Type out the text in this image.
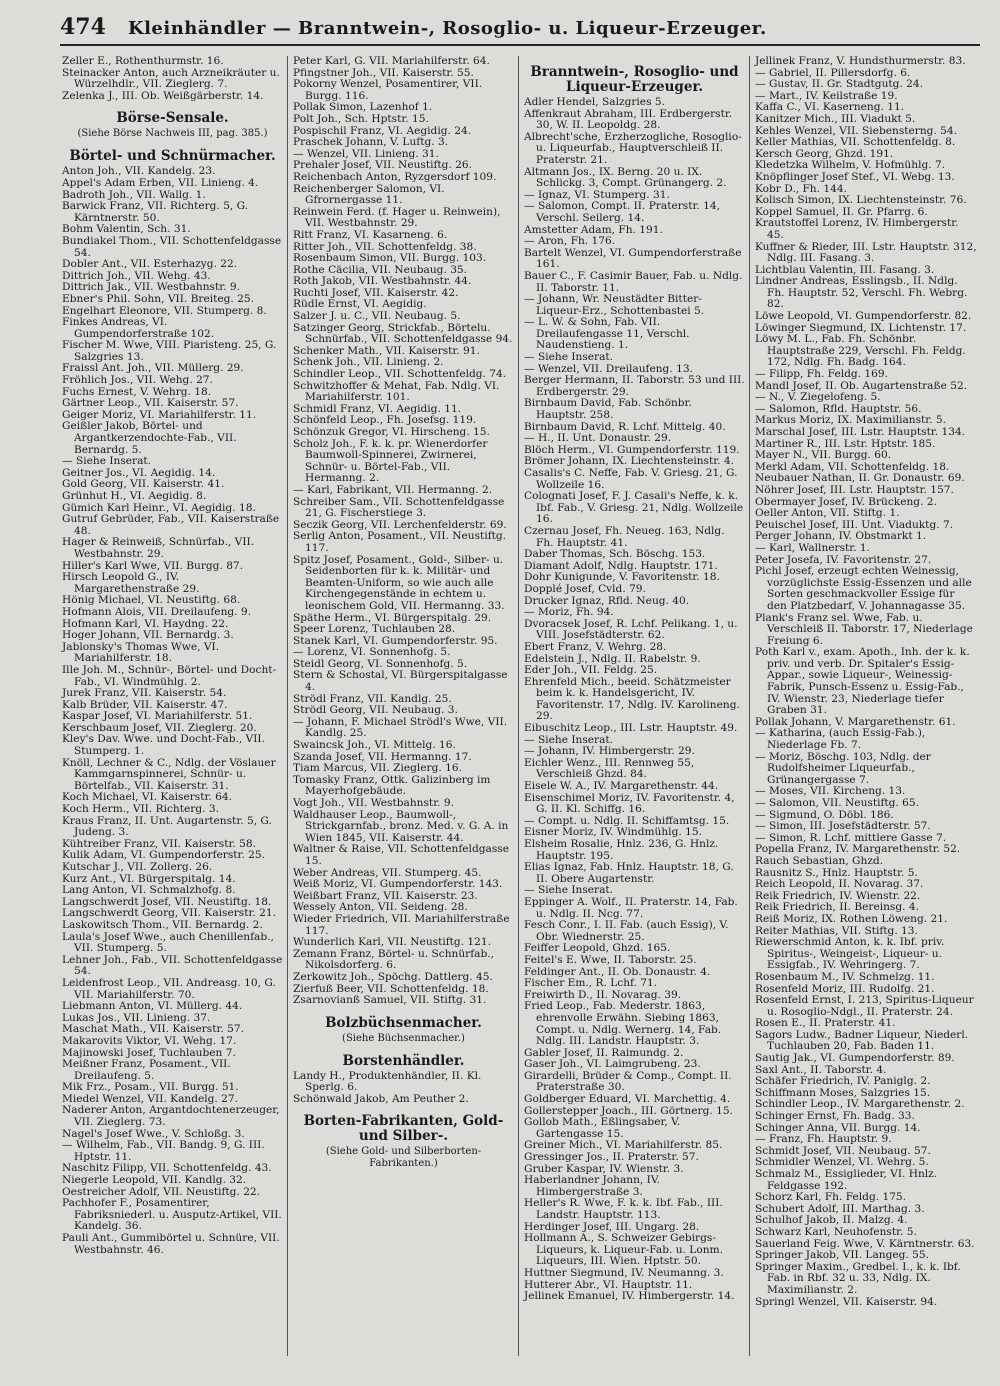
474 Kleinhändler — Branntwein-, Rosoglio- u. Liqueur-Erzeuger.

Zeller E., Rothenthurmstr. 16.

Steinacker Anton, auch Arzneikräuter u. Würzelhdlr., VII. Zieglerg. 7.

Zelenka J., III. Ob. Weißgärberstr. 14.

Börse-Sensale.
(Siehe Börse Nachweis III, pag. 385.)
Börtel- und Schnürmacher.

Anton Joh., VII. Kandelg. 23.

Appel's Adam Erben, VII. Linieng. 4.

Badroth Joh., VII. Wallg. 1.

Barwick Franz, VII. Richterg. 5, G. Kärntnerstr. 50.

Bohm Valentin, Sch. 31.

Bundiakel Thom., VII. Schottenfeldgasse 54.

Dobler Ant., VII. Esterhazyg. 22.

Dittrich Joh., VII. Wehg. 43.

Dittrich Jak., VII. Westbahnstr. 9.

Ebner's Phil. Sohn, VII. Breiteg. 25.

Engelhart Eleonore, VII. Stumperg. 8.

Finkes Andreas, VI. Gumpendorferstraße 102.

Fischer M. Wwe, VIII. Piaristeng. 25, G. Salzgries 13.

Fraissl Ant. Joh., VII. Müllerg. 29.

Fröhlich Jos., VII. Wehg. 27.

Fuchs Ernest, V. Wehrg. 18.

Gärtner Leop., VII. Kaiserstr. 57.

Geiger Moriz, VI. Mariahilferstr. 11.

Geißler Jakob, Börtel- und Argantkerzendochte-Fab., VII. Bernardg. 5.

— Siehe Inserat.

Geitner Jos., VI. Aegidig. 14.

Gold Georg, VII. Kaiserstr. 41.

Grünhut H., VI. Aegidig. 8.

Gümich Karl Heinr., VI. Aegidig. 18.

Gutruf Gebrüder, Fab., VII. Kaiserstraße 48.

Hager & Reinweiß, Schnürfab., VII. Westbahnstr. 29.

Hiller's Karl Wwe, VII. Burgg. 87.

Hirsch Leopold G., IV. Margarethenstraße 29.

Hönig Michael, VI. Neustiftg. 68.

Hofmann Alois, VII. Dreilaufeng. 9.

Hofmann Karl, VI. Haydng. 22.

Hoger Johann, VII. Bernardg. 3.

Jablonsky's Thomas Wwe, VI. Mariahilferstr. 18.

Ille Joh. M., Schnür-, Börtel- und Docht-Fab., VI. Windmühlg. 2.

Jurek Franz, VII. Kaiserstr. 54.

Kalb Brüder, VII. Kaiserstr. 47.

Kaspar Josef, VI. Mariahilferstr. 51.

Kerschbaum Josef, VII. Zieglerg. 20.

Kley's Dav. Wwe. und Docht-Fab., VII. Stumperg. 1.

Knöll, Lechner & C., Ndlg. der Vöslauer Kammgarnspinnerei, Schnür- u. Börtelfab., VII. Kaiserstr. 31.

Koch Michael, VI. Kaiserstr. 64.

Koch Herm., VII. Richterg. 3.

Kraus Franz, II. Unt. Augartenstr. 5, G. Judeng. 3.

Kühtreiber Franz, VII. Kaiserstr. 58.

Kulik Adam, VI. Gumpendorferstr. 25.

Kutschar J., VII. Zollerg. 26.

Kurz Ant., VI. Bürgerspitalg. 14.

Lang Anton, VI. Schmalzhofg. 8.

Langschwerdt Josef, VII. Neustiftg. 18.

Langschwerdt Georg, VII. Kaiserstr. 21.

Laskowitsch Thom., VII. Bernardg. 2.

Laula's Josef Wwe., auch Chenillenfab., VII. Stumperg. 5.

Lehner Joh., Fab., VII. Schottenfeldgasse 54.

Leidenfrost Leop., VII. Andreasg. 10, G. VII. Mariahilferstr. 70.

Liebmann Anton, VI. Müllerg. 44.

Lukas Jos., VII. Linieng. 37.

Maschat Math., VII. Kaiserstr. 57.

Makarovits Viktor, VI. Wehg. 17.

Majinowski Josef, Tuchlauben 7.

Meißner Franz, Posament., VII. Dreilaufeng. 5.

Mik Frz., Posam., VII. Burgg. 51.

Miedel Wenzel, VII. Kandelg. 27.

Naderer Anton, Argantdochtenerzeuger, VII. Zieglerg. 73.

Nagel's Josef Wwe., V. Schloßg. 3.

— Wilhelm, Fab., VII. Bandg. 9, G. III. Hptstr. 11.

Naschitz Filipp, VII. Schottenfeldg. 43.

Niegerle Leopold, VII. Kandlg. 32.

Oestreicher Adolf, VII. Neustiftg. 22.

Pachhofer F., Posamentirer, Fabriksniederl. u. Ausputz-Artikel, VII. Kandelg. 36.

Pauli Ant., Gummibörtel u. Schnüre, VII. Westbahnstr. 46.

Peter Karl, G. VII. Mariahilferstr. 64.

Pfingstner Joh., VII. Kaiserstr. 55.

Pokorny Wenzel, Posamentirer, VII. Burgg. 116.

Pollak Simon, Lazenhof 1.

Polt Joh., Sch. Hptstr. 15.

Pospischil Franz, VI. Aegidig. 24.

Praschek Johann, V. Luftg. 3.

— Wenzel, VII. Linieng. 31.

Prehaler Josef, VII. Neustiftg. 26.

Reichenbach Anton, Ryzgersdorf 109.

Reichenberger Salomon, VI. Gfrornergasse 11.

Reinwein Ferd. (f. Hager u. Reinwein), VII. Westbahnstr. 29.

Ritt Franz, VI. Kasarneng. 6.

Ritter Joh., VII. Schottenfeldg. 38.

Rosenbaum Simon, VII. Burgg. 103.

Rothe Cäcilia, VII. Neubaug. 35.

Roth Jakob, VII. Westbahnstr. 44.

Ruchti Josef, VII. Kaiserstr. 42.

Rüdle Ernst, VI. Aegidig.

Salzer J. u. C., VII. Neubaug. 5.

Satzinger Georg, Strickfab., Börtelu. Schnürfab., VII. Schottenfeldgasse 94.

Schenker Math., VII. Kaiserstr. 91.

Schenk Joh., VII. Linieng. 2.

Schindler Leop., VII. Schottenfeldg. 74.

Schwitzhoffer & Mehat, Fab. Ndlg. VI. Mariahilferstr. 101.

Schmidl Franz, VI. Aegidig. 11.

Schönfeld Leop., Fh. Josefsg. 119.

Schönzuk Gregor, VI. Hirscheng. 15.

Scholz Joh., F. k. k. pr. Wienerdorfer Baumwoll-Spinnerei, Zwirnerei, Schnür- u. Börtel-Fab., VII. Hermanng. 2.

— Karl, Fabrikant, VII. Hermanng. 2.

Schreiber Sam., VII. Schottenfeldgasse 21, G. Fischerstiege 3.

Seczik Georg, VII. Lerchenfelderstr. 69.

Serlig Anton, Posament., VII. Neustiftg. 117.

Spitz Josef, Posament., Gold-, Silber- u. Seidenborten für k. k. Militär- und Beamten-Uniform, so wie auch alle Kirchengegenstände in echtem u. leonischem Gold, VII. Hermanng. 33.

Späthe Herm., VI. Bürgerspitalg. 29.

Speer Lorenz, Tuchlauben 28.

Stanek Karl, VI. Gumpendorferstr. 95.

— Lorenz, VI. Sonnenhofg. 5.

Steidl Georg, VI. Sonnenhofg. 5.

Stern & Schostal, VI. Bürgerspitalgasse 4.

Strödl Franz, VII. Kandlg. 25.

Strödl Georg, VII. Neubaug. 3.

— Johann, F. Michael Strödl's Wwe, VII. Kandlg. 25.

Swaincsk Joh., VI. Mittelg. 16.

Szanda Josef, VII. Hermanng. 17.

Tiam Marcus, VII. Zieglerg. 16.

Tomasky Franz, Ottk. Galizinberg im Mayerhofgebäude.

Vogt Joh., VII. Westbahnstr. 9.

Waldhauser Leop., Baumwoll-, Strickgarnfab., bronz. Med. v. G. A. in Wien 1845, VII. Kaiserstr. 44.

Waltner & Raise, VII. Schottenfeldgasse 15.

Weber Andreas, VII. Stumperg. 45.

Weiß Moriz, VI. Gumpendorferstr. 143.

Weißbart Franz, VII. Kaiserstr. 23.

Wessely Anton, VII. Seideng. 28.

Wieder Friedrich, VII. Mariahilferstraße 117.

Wunderlich Karl, VII. Neustiftg. 121.

Zemann Franz, Börtel- u. Schnürfab., Nikolsdorferg. 6.

Zerkowitz Joh., Spöchg. Dattlerg. 45.

Zierfuß Beer, VII. Schottenfeldg. 18.

Zsarnovianß Samuel, VII. Stiftg. 31.

Bolzbüchsenmacher.
(Siehe Büchsenmacher.)
Borstenhändler.

Landy H., Produktenhändler, II. Kl. Sperlg. 6.

Schönwald Jakob, Am Peuther 2.

Borten-Fabrikanten, Gold- und Silber-.
(Siehe Gold- und Silberborten-Fabrikanten.)
Branntwein-, Rosoglio- und Liqueur-Erzeuger.

Adler Hendel, Salzgries 5.

Affenkraut Abraham, III. Erdbergerstr. 30, W. II. Leopoldg. 28.

Albrecht'sche, Erzherzogliche, Rosoglio- u. Liqueurfab., Hauptverschleiß II. Praterstr. 21.

Altmann Jos., IX. Berng. 20 u. IX. Schlickg. 3, Compt. Grünangerg. 2.

— Ignaz, VI. Stumperg. 31.

— Salomon, Compt. II. Praterstr. 14, Verschl. Seilerg. 14.

Amstetter Adam, Fh. 191.

— Aron, Fh. 176.

Bartelt Wenzel, VI. Gumpendorferstraße 161.

Bauer C., F. Casimir Bauer, Fab. u. Ndlg. II. Taborstr. 11.

— Johann, Wr. Neustädter Bitter-Liqueur-Erz., Schottenbastei 5.

— L. W. & Sohn, Fab. VII. Dreilaufengasse 11, Verschl. Naudenstieng. 1.

— Siehe Inserat.

— Wenzel, VII. Dreilaufeng. 13.

Berger Hermann, II. Taborstr. 53 und III. Erdbergerstr. 29.

Birnbaum David, Fab. Schönbr. Hauptstr. 258.

Birnbaum David, R. Lchf. Mittelg. 40.

— H., II. Unt. Donaustr. 29.

Blöch Herm., VI. Gumpendorferstr. 119.

Brömer Johann, IX. Liechtensteinstr. 4.

Casalis's C. Neffe, Fab. V. Griesg. 21, G. Wollzeile 16.

Colognati Josef, F. J. Casali's Neffe, k. k. Ibf. Fab., V. Griesg. 21, Ndlg. Wollzeile 16.

Czernau Josef, Fh. Neueg. 163, Ndlg. Fh. Hauptstr. 41.

Daber Thomas, Sch. Böschg. 153.

Diamant Adolf, Ndlg. Hauptstr. 171.

Dohr Kunigunde, V. Favoritenstr. 18.

Dopplé Josef, Cvld. 79.

Drucker Ignaz, Rfld. Neug. 40.

— Moriz, Fh. 94.

Dvoracsek Josef, R. Lchf. Pelikang. 1, u. VIII. Josefstädterstr. 62.

Ebert Franz, V. Wehrg. 28.

Edelstein J., Ndlg. II. Rabelstr. 9.

Eder Joh., VII. Feldg. 25.

Ehrenfeld Mich., beeid. Schätzmeister beim k. k. Handelsgericht, IV. Favoritenstr. 17, Ndlg. IV. Karolineng. 29.

Eibuschitz Leop., III. Lstr. Hauptstr. 49.

— Siehe Inserat.

— Johann, IV. Himbergerstr. 29.

Eichler Wenz., III. Rennweg 55, Verschleiß Ghzd. 84.

Eisele W. A., IV. Margarethenstr. 44.

Eisenschimel Moriz, IV. Favoritenstr. 4, G. II. Kl. Schiffg. 16.

— Compt. u. Ndlg. II. Schiffamtsg. 15.

Eisner Moriz, IV. Windmühlg. 15.

Elsheim Rosalie, Hnlz. 236, G. Hnlz. Hauptstr. 195.

Elias Ignaz, Fab. Hnlz. Hauptstr. 18, G. II. Obere Augartenstr.

— Siehe Inserat.

Eppinger A. Wolf., II. Praterstr. 14, Fab. u. Ndlg. II. Ncg. 77.

Fesch Conr., I. II. Fab. (auch Essig), V. Obr. Wiednerstr. 25.

Feiffer Leopold, Ghzd. 165.

Feitel's E. Wwe, II. Taborstr. 25.

Feldinger Ant., II. Ob. Donaustr. 4.

Fischer Em., R. Lchf. 71.

Freiwirth D., II. Novarag. 39.

Fried Leop., Fab. Mederstr. 1863, ehrenvolle Erwähn. Siebing 1863, Compt. u. Ndlg. Wernerg. 14, Fab. Ndlg. III. Landstr. Hauptstr. 3.

Gabler Josef, II. Raimundg. 2.

Gaser Joh., VI. Laimgrubeng. 23.

Girardelli, Brüder & Comp., Compt. II. Praterstraße 30.

Goldberger Eduard, VI. Marchettig. 4.

Gollerstepper Joach., III. Görtnerg. 15.

Gollob Math., Eßlingsaber, V. Gartengasse 15.

Greiner Mich., VI. Mariahilferstr. 85.

Gressinger Jos., II. Praterstr. 57.

Gruber Kaspar, IV. Wienstr. 3.

Haberlandner Johann, IV. Himbergerstraße 3.

Heller's R. Wwe, F. k. k. Ibf. Fab., III. Landstr. Hauptstr. 113.

Herdinger Josef, III. Ungarg. 28.

Hollmann A., S. Schweizer Gebirgs-Liqueurs, k. Liqueur-Fab. u. Lonm. Liqueurs, III. Wien. Hptstr. 50.

Huttner Siegmund, IV. Neumanng. 3.

Hutterer Abr., VI. Hauptstr. 11.

Jellinek Emanuel, IV. Himbergerstr. 14.

Jellinek Franz, V. Hundsthurmerstr. 83.

— Gabriel, II. Pillersdorfg. 6.

— Gustav, II. Gr. Stadtgutg. 24.

— Mart., IV. Keilstraße 19.

Kaffa C., VI. Kaserneng. 11.

Kanitzer Mich., III. Viadukt 5.

Kehles Wenzel, VII. Siebensterng. 54.

Keller Mathias, VII. Schottenfeldg. 8.

Kersch Georg, Ghzd. 191.

Kledetzka Wilhelm, V. Hofmühlg. 7.

Knöpflinger Josef Stef., VI. Webg. 13.

Kobr D., Fh. 144.

Kolisch Simon, IX. Liechtensteinstr. 76.

Koppel Samuel, II. Gr. Pfarrg. 6.

Krautstoffel Lorenz, IV. Himbergerstr. 45.

Kuffner & Rieder, III. Lstr. Hauptstr. 312, Ndlg. III. Fasang. 3.

Lichtblau Valentin, III. Fasang. 3.

Lindner Andreas, Esslingsb., II. Ndlg. Fh. Hauptstr. 52, Verschl. Fh. Webrg. 82.

Löwe Leopold, VI. Gumpendorferstr. 82.

Löwinger Siegmund, IX. Lichtenstr. 17.

Löwy M. L., Fab. Fh. Schönbr. Hauptstraße 229, Verschl. Fh. Feldg. 172, Ndlg. Fh. Badg. 164.

— Filipp, Fh. Feldg. 169.

Mandl Josef, II. Ob. Augartenstraße 52.

— N., V. Ziegelofeng. 5.

— Salomon, Rfld. Hauptstr. 56.

Markus Moriz, IX. Maximilianstr. 5.

Marschal Josef, III. Lstr. Hauptstr. 134.

Martiner R., III. Lstr. Hptstr. 185.

Mayer N., VII. Burgg. 60.

Merkl Adam, VII. Schottenfeldg. 18.

Neubauer Nathan, II. Gr. Donaustr. 69.

Nöhrer Josef, III. Lstr. Hauptstr. 157.

Obermayer Josef, IV. Brückeng. 2.

Oeller Anton, VII. Stiftg. 1.

Peuischel Josef, III. Unt. Viaduktg. 7.

Perger Johann, IV. Obstmarkt 1.

— Karl, Wallnerstr. 1.

Peter Josefa, IV. Favoritenstr. 27.

Pichl Josef, erzeugt echten Weinessig, vorzüglichste Essig-Essenzen und alle Sorten geschmackvoller Essige für den Platzbedarf, V. Johannagasse 35.

Plank's Franz sel. Wwe, Fab. u. Verschleiß II. Taborstr. 17, Niederlage Freiung 6.

Poth Karl v., exam. Apoth., Inh. der k. k. priv. und verb. Dr. Spitaler's Essig-Appar., sowie Liqueur-, Weinessig-Fabrik, Punsch-Essenz u. Essig-Fab., IV. Wienstr. 23, Niederlage tiefer Graben 31.

Pollak Johann, V. Margarethenstr. 61.

— Katharina, (auch Essig-Fab.), Niederlage Fb. 7.

— Moriz, Böschg. 103, Ndlg. der Rudolfsheimer Liqueurfab., Grünangergasse 7.

— Moses, VII. Kircheng. 13.

— Salomon, VII. Neustiftg. 65.

— Sigmund, O. Döbl. 186.

— Simon, III. Josefstädterstr. 57.

— Simon, R. Lchf. mittlere Gasse 7.

Popella Franz, IV. Margarethenstr. 52.

Rauch Sebastian, Ghzd.

Rausnitz S., Hnlz. Hauptstr. 5.

Reich Leopold, II. Novarag. 37.

Reik Friedrich, IV. Wienstr. 22.

Reik Friedrich, II. Bereinsg. 4.

Reiß Moriz, IX. Rothen Löweng. 21.

Reiter Mathias, VII. Stiftg. 13.

Riewerschmid Anton, k. k. Ibf. priv. Spiritus-, Weingeist-, Liqueur- u. Essigfab., IV. Wehringerg. 7.

Rosenbaum M., IV. Schmelzg. 11.

Rosenfeld Moriz, III. Rudolfg. 21.

Rosenfeld Ernst, I. 213, Spiritus-Liqueur u. Rosoglio-Ndgl., II. Praterstr. 24.

Rosen E., II. Praterstr. 41.

Sagors Ludw., Badner Liqueur, Niederl. Tuchlauben 20, Fab. Baden 11.

Sautig Jak., VI. Gumpendorferstr. 89.

Saxl Ant., II. Taborstr. 4.

Schäfer Friedrich, IV. Paniglg. 2.

Schiffmann Moses, Salzgries 15.

Schindler Leop., IV. Margarethenstr. 2.

Schinger Ernst, Fh. Badg. 33.

Schinger Anna, VII. Burgg. 14.

— Franz, Fh. Hauptstr. 9.

Schmidt Josef, VII. Neubaug. 57.

Schmidler Wenzel, VI. Wehrg. 5.

Schmalz M., Essiglieder, VI. Hnlz. Feldgasse 192.

Schorz Karl, Fh. Feldg. 175.

Schubert Adolf, III. Marthag. 3.

Schulhof Jakob, II. Malzg. 4.

Schwarz Karl, Neuhofenstr. 5.

Sauerland Feig. Wwe, V. Kärntnerstr. 63.

Springer Jakob, VII. Langeg. 55.

Springer Maxim., Gredbel. I., k. k. Ibf. Fab. in Rbf. 32 u. 33, Ndlg. IX. Maximilianstr. 2.

Springl Wenzel, VII. Kaiserstr. 94.
